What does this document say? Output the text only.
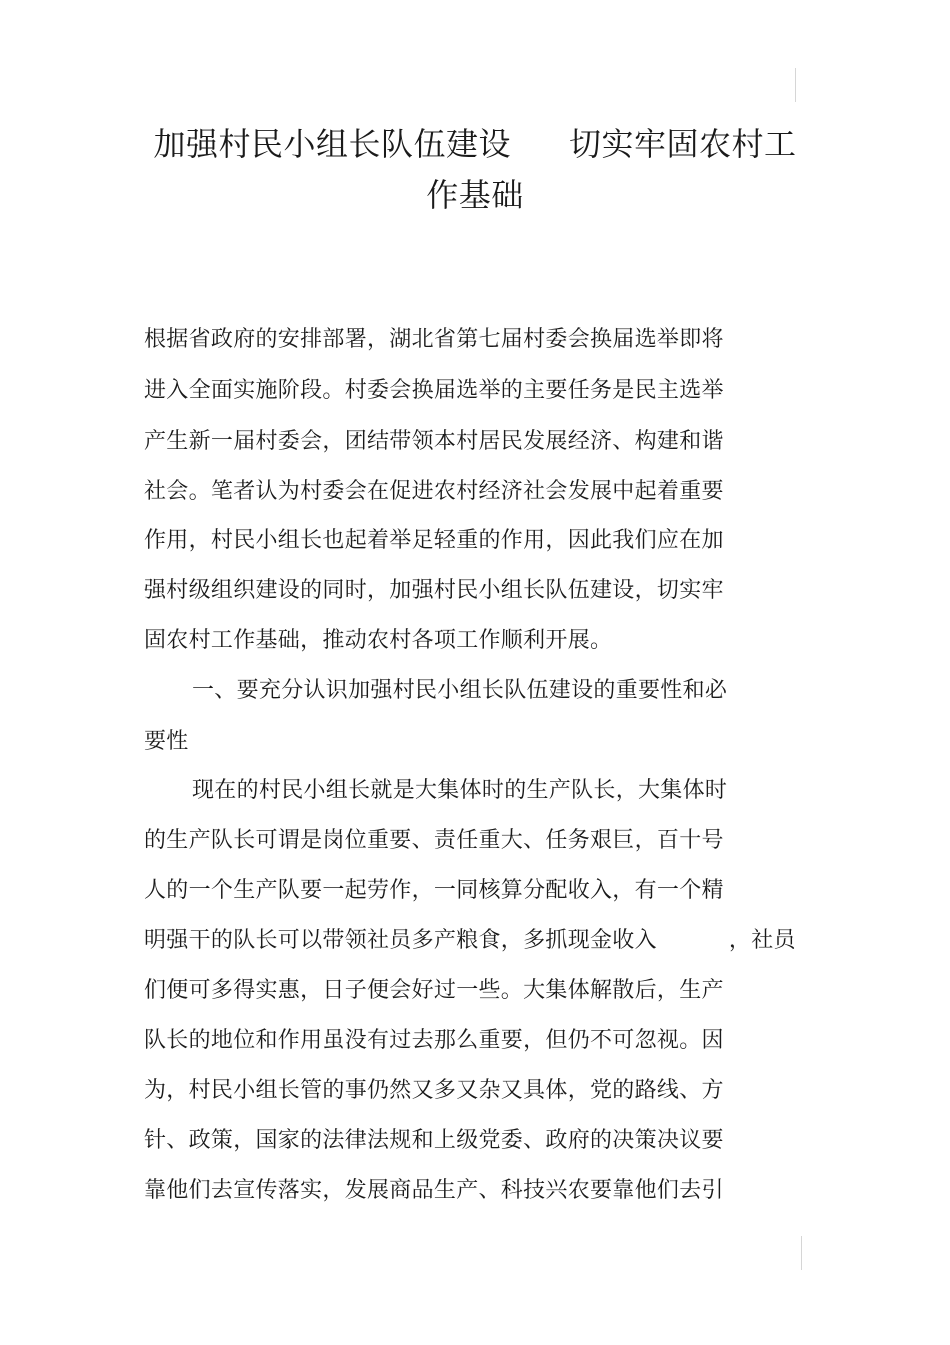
加强村民小组长队伍建设 切实牢固农村工
作基础
根据省政府的安排部署，湖北省第七届村委会换届选举即将
进入全面实施阶段。村委会换届选举的主要任务是民主选举
产生新一届村委会，团结带领本村居民发展经济、构建和谐
社会。笔者认为村委会在促进农村经济社会发展中起着重要
作用，村民小组长也起着举足轻重的作用，因此我们应在加
强村级组织建设的同时，加强村民小组长队伍建设，切实牢
固农村工作基础，推动农村各项工作顺利开展。
一、要充分认识加强村民小组长队伍建设的重要性和必
要性
现在的村民小组长就是大集体时的生产队长，大集体时
的生产队长可谓是岗位重要、责任重大、任务艰巨，百十号
人的一个生产队要一起劳作，一同核算分配收入，有一个精
明强干的队长可以带领社员多产粮食，多抓现金收入	，社员
们便可多得实惠，日子便会好过一些。大集体解散后，生产
队长的地位和作用虽没有过去那么重要，但仍不可忽视。因
为，村民小组长管的事仍然又多又杂又具体，党的路线、方
针、政策，国家的法律法规和上级党委、政府的决策决议要
靠他们去宣传落实，发展商品生产、科技兴农要靠他们去引
